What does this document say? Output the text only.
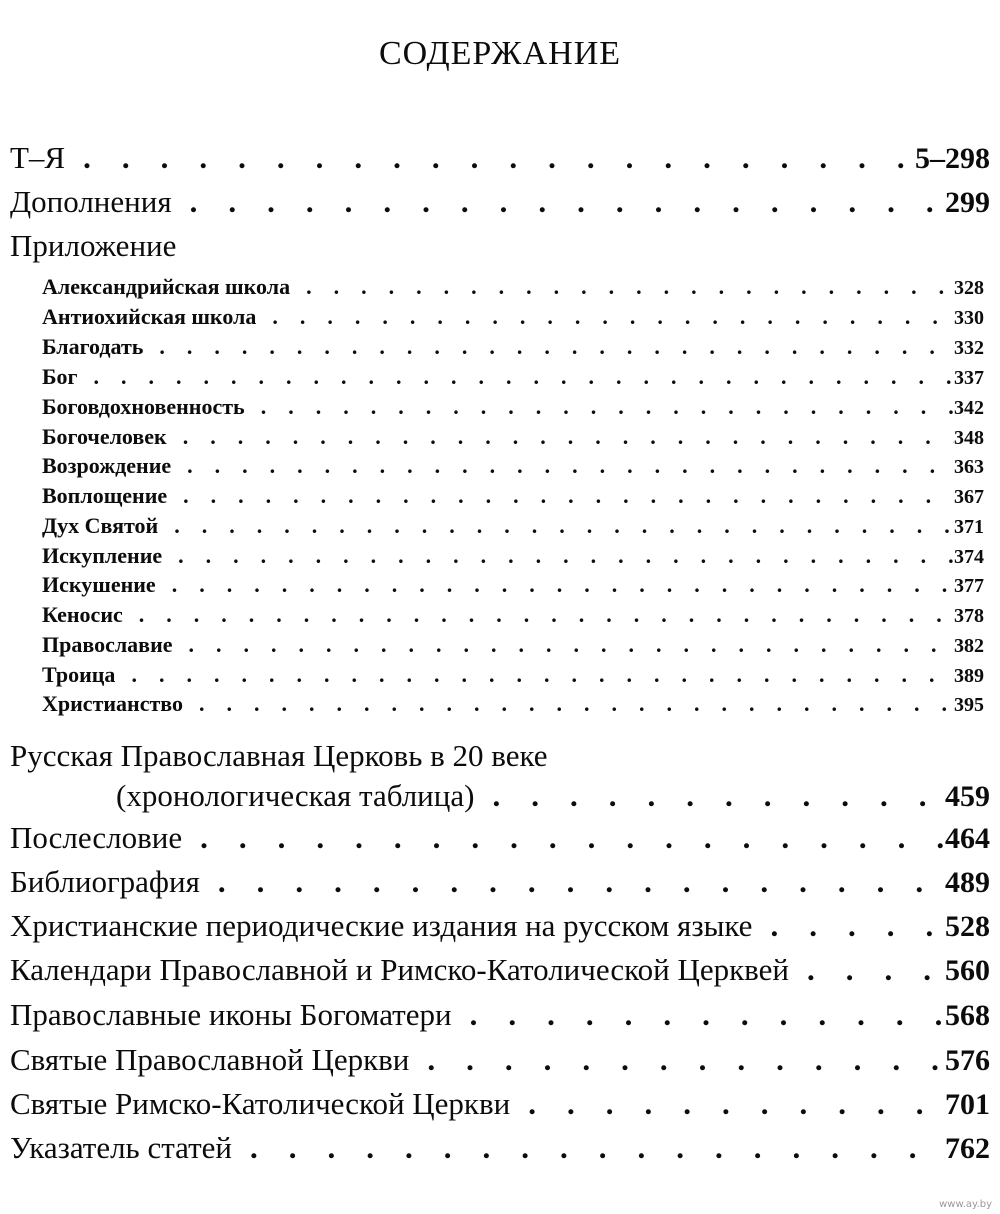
СОДЕРЖАНИЕ
Т–Я .	5–298
Дополнения .	299
Приложение
Александрийская школа .	328
Антиохийская школа .	330
Благодать .	332
Бог .	337
Боговдохновенность .	342
Богочеловек .	348
Возрождение .	363
Воплощение .	367
Дух Святой .	371
Искупление .	374
Искушение .	377
Кеносис .	378
Православие .	382
Троица .	389
Христианство .	395
Русская Православная Церковь в 20 веке
(хронологическая таблица) .	459
Послесловие .	464
Библиография .	489
Христианские периодические издания на русском языке .	528
Календари Православной и Римско-Католической Церквей .	560
Православные иконы Богоматери .	568
Святые Православной Церкви .	576
Святые Римско-Католической Церкви .	701
Указатель статей .	762
www.ay.by
